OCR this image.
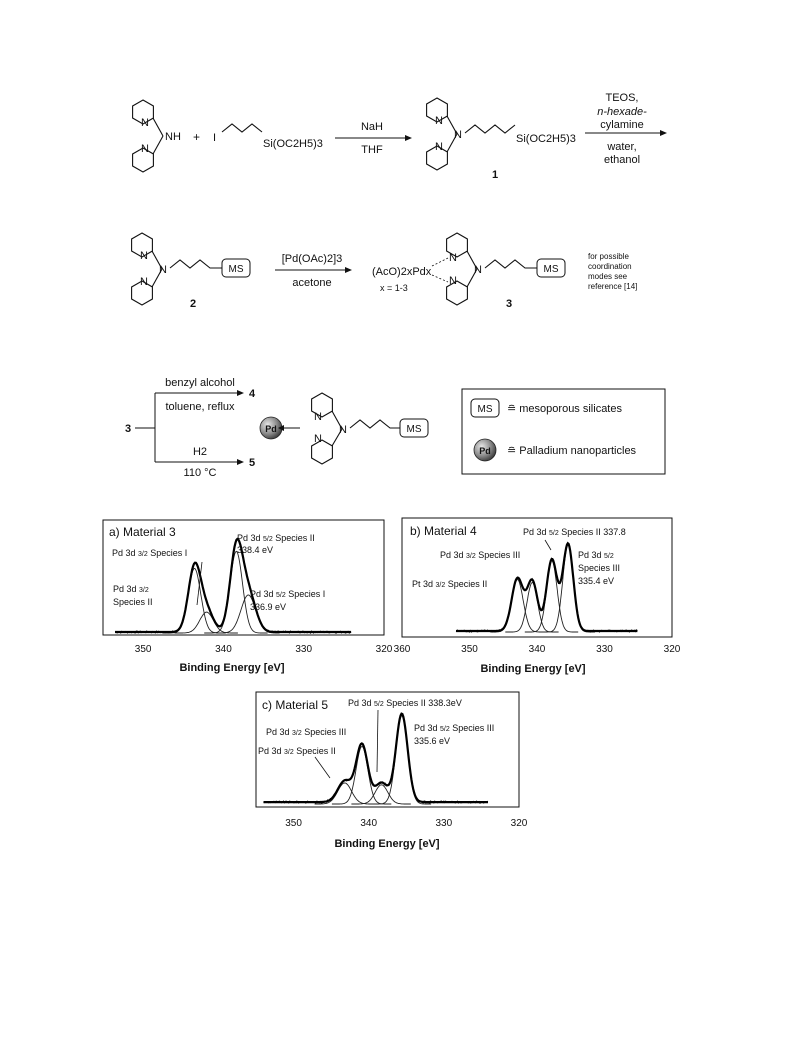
N
N
NH + I	Si(OC2H5)3
NaH
THF
N
N
N	Si(OC2H5)3
1
TEOS,
n-hexade-
cylamine
water,
ethanol
N
N
N	MS
2
[Pd(OAc)2]3
acetone
(AcO)2xPdx
x = 1-3
N
N
N	MS
3
for possible
coordination
modes see
reference [14]
3
benzyl alcohol
toluene, reflux
H2
110 °C
4
5
Pd
N
N
N	MS
MS ≘ mesoporous silicates
Pd ≘ Palladium nanoparticles
350	340	330	320
a) Material 3	Pd 3d 5/2 Species II
338.4 eV
Pd 3d 3/2 Species I
Pd 3d 3/2
Species II
Pd 3d 5/2 Species I
336.9 eV
Binding Energy [eV]
360	350	340	330	320
b) Material 4	Pd 3d 5/2 Species II 337.8
Pd 3d 3/2 Species III	Pd 3d 5/2
Species III
335.4 eV
Pt 3d 3/2 Species II
Binding Energy [eV]
350	340	330	320
c) Material 5 Pd 3d 5/2 Species II 338.3eV
Pd 3d 3/2 Species III
Pd 3d 3/2 Species II
Pd 3d 5/2 Species III
335.6 eV
Binding Energy [eV]
